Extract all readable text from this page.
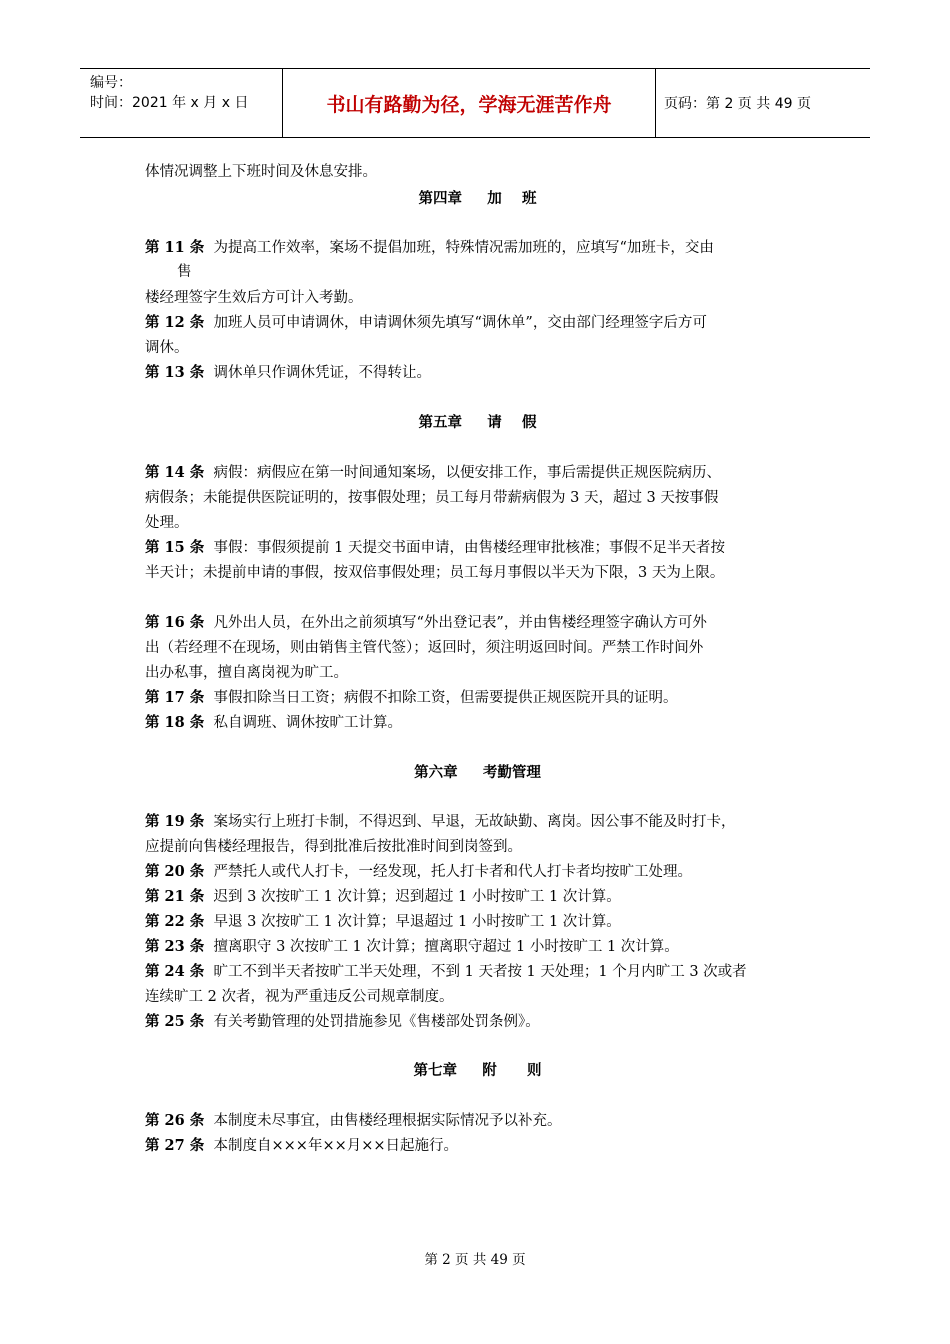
编号：
时间：2021 年 x 月 x 日	书山有路勤为径，学海无涯苦作舟	页码：第 2 页 共 49 页
体情况调整上下班时间及休息安排。
第四章     加    班
第 11 条 为提高工作效率，案场不提倡加班，特殊情况需加班的，应填写“加班卡，交由
售
楼经理签字生效后方可计入考勤。
第 12 条 加班人员可申请调休，申请调休须先填写“调休单”，交由部门经理签字后方可
调休。
第 13 条 调休单只作调休凭证，不得转让。
第五章     请    假
第 14 条 病假：病假应在第一时间通知案场，以便安排工作，事后需提供正规医院病历、
病假条；未能提供医院证明的，按事假处理；员工每月带薪病假为 3 天，超过 3 天按事假
处理。
第 15 条 事假：事假须提前 1 天提交书面申请，由售楼经理审批核准；事假不足半天者按
半天计；未提前申请的事假，按双倍事假处理；员工每月事假以半天为下限，3 天为上限。
第 16 条 凡外出人员，在外出之前须填写“外出登记表”，并由售楼经理签字确认方可外
出（若经理不在现场，则由销售主管代签）；返回时，须注明返回时间。严禁工作时间外
出办私事，擅自离岗视为旷工。
第 17 条 事假扣除当日工资；病假不扣除工资，但需要提供正规医院开具的证明。
第 18 条 私自调班、调休按旷工计算。
第六章     考勤管理
第 19 条 案场实行上班打卡制，不得迟到、早退，无故缺勤、离岗。因公事不能及时打卡，
应提前向售楼经理报告，得到批准后按批准时间到岗签到。
第 20 条 严禁托人或代人打卡，一经发现，托人打卡者和代人打卡者均按旷工处理。
第 21 条 迟到 3 次按旷工 1 次计算；迟到超过 1 小时按旷工 1 次计算。
第 22 条 早退 3 次按旷工 1 次计算；早退超过 1 小时按旷工 1 次计算。
第 23 条 擅离职守 3 次按旷工 1 次计算；擅离职守超过 1 小时按旷工 1 次计算。
第 24 条 旷工不到半天者按旷工半天处理，不到 1 天者按 1 天处理；1 个月内旷工 3 次或者
连续旷工 2 次者，视为严重违反公司规章制度。
第 25 条 有关考勤管理的处罚措施参见《售楼部处罚条例》。
第七章     附      则
第 26 条 本制度未尽事宜，由售楼经理根据实际情况予以补充。
第 27 条 本制度自×××年××月××日起施行。
第 2 页 共 49 页
